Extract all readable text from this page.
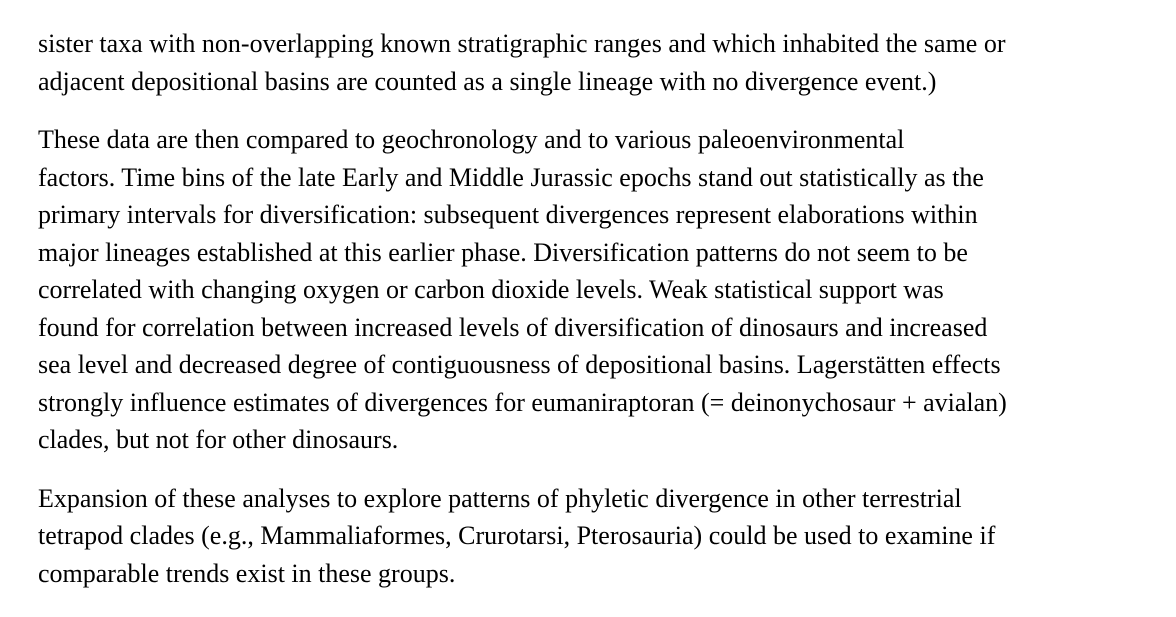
sister taxa with non-overlapping known stratigraphic ranges and which inhabited the same or
adjacent depositional basins are counted as a single lineage with no divergence event.)

These data are then compared to geochronology and to various paleoenvironmental
factors. Time bins of the late Early and Middle Jurassic epochs stand out statistically as the
primary intervals for diversification: subsequent divergences represent elaborations within
major lineages established at this earlier phase. Diversification patterns do not seem to be
correlated with changing oxygen or carbon dioxide levels. Weak statistical support was
found for correlation between increased levels of diversification of dinosaurs and increased
sea level and decreased degree of contiguousness of depositional basins. Lagerstätten effects
strongly influence estimates of divergences for eumaniraptoran (= deinonychosaur + avialan)
clades, but not for other dinosaurs.

Expansion of these analyses to explore patterns of phyletic divergence in other terrestrial
tetrapod clades (e.g., Mammaliaformes, Crurotarsi, Pterosauria) could be used to examine if
comparable trends exist in these groups.
